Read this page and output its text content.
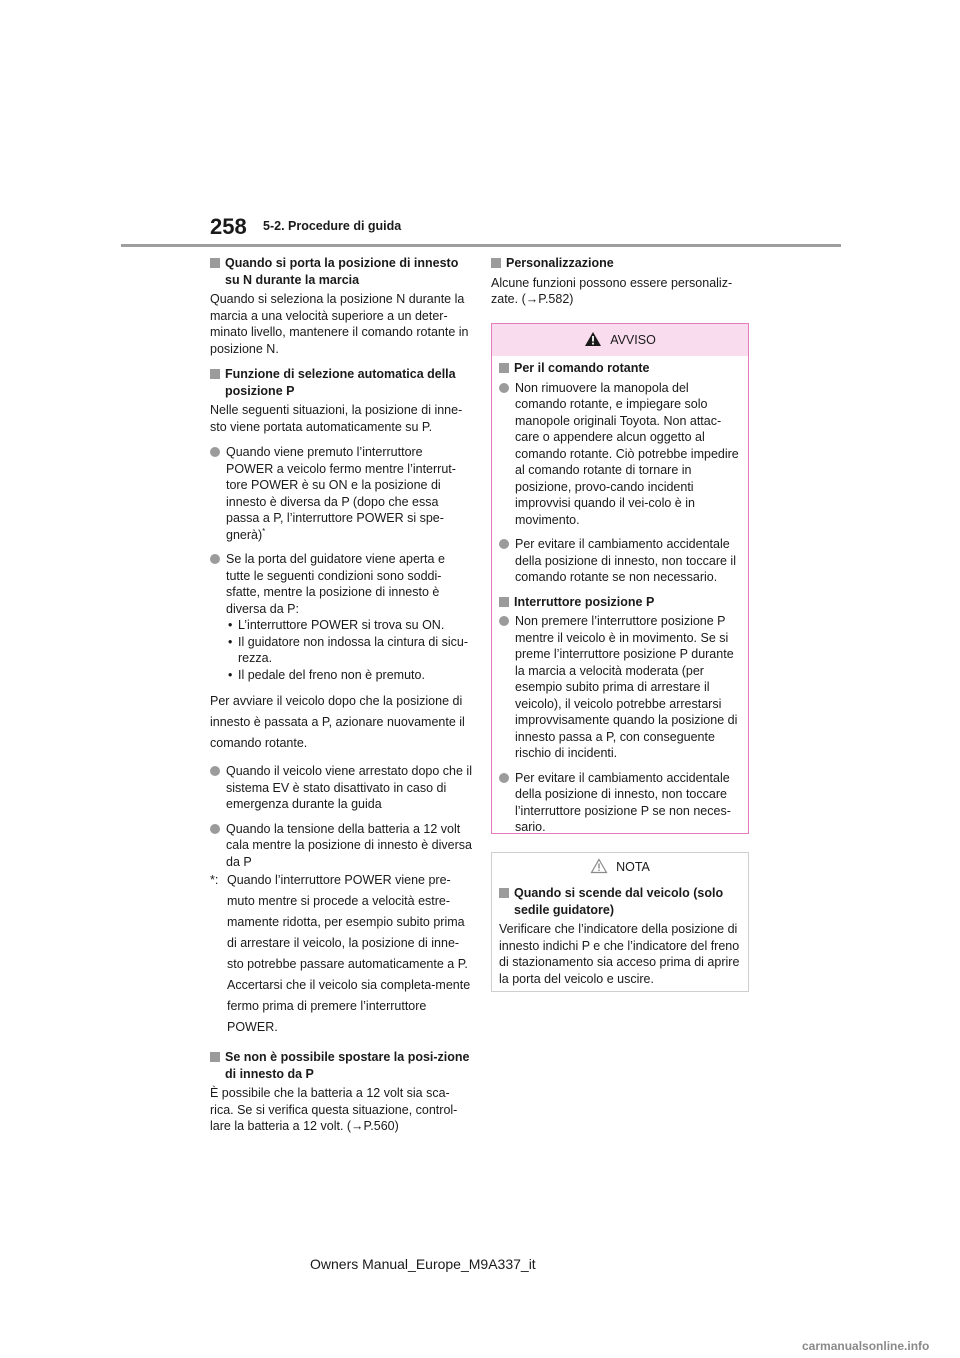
258 5-2. Procedure di guida
Quando si porta la posizione di innesto su N durante la marcia
Quando si seleziona la posizione N durante la marcia a una velocità superiore a un deter-minato livello, mantenere il comando rotante in posizione N.
Funzione di selezione automatica della posizione P
Nelle seguenti situazioni, la posizione di inne-sto viene portata automaticamente su P.
Quando viene premuto l’interruttore POWER a veicolo fermo mentre l’interrut-tore POWER è su ON e la posizione di innesto è diversa da P (dopo che essa passa a P, l’interruttore POWER si spe-gnerà)*
Se la porta del guidatore viene aperta e tutte le seguenti condizioni sono soddi-sfatte, mentre la posizione di innesto è diversa da P:
• L’interruttore POWER si trova su ON.
• Il guidatore non indossa la cintura di sicu-rezza.
• Il pedale del freno non è premuto.
Per avviare il veicolo dopo che la posizione di innesto è passata a P, azionare nuovamente il comando rotante.
Quando il veicolo viene arrestato dopo che il sistema EV è stato disattivato in caso di emergenza durante la guida
Quando la tensione della batteria a 12 volt cala mentre la posizione di innesto è diversa da P
*: Quando l’interruttore POWER viene pre-muto mentre si procede a velocità estre-mamente ridotta, per esempio subito prima di arrestare il veicolo, la posizione di inne-sto potrebbe passare automaticamente a P. Accertarsi che il veicolo sia completa-mente fermo prima di premere l’interruttore POWER.
Se non è possibile spostare la posi-zione di innesto da P
È possibile che la batteria a 12 volt sia sca-rica. Se si verifica questa situazione, control-lare la batteria a 12 volt. (→P.560)
Personalizzazione
Alcune funzioni possono essere personaliz-zate. (→P.582)
AVVISO
Per il comando rotante
Non rimuovere la manopola del comando rotante, e impiegare solo manopole originali Toyota. Non attac-care o appendere alcun oggetto al comando rotante. Ciò potrebbe impedire al comando rotante di tornare in posizione, provo-cando incidenti improvvisi quando il vei-colo è in movimento.
Per evitare il cambiamento accidentale della posizione di innesto, non toccare il comando rotante se non necessario.
Interruttore posizione P
Non premere l’interruttore posizione P mentre il veicolo è in movimento. Se si preme l’interruttore posizione P durante la marcia a velocità moderata (per esempio subito prima di arrestare il veicolo), il veicolo potrebbe arrestarsi improvvisamente quando la posizione di innesto passa a P, con conseguente rischio di incidenti.
Per evitare il cambiamento accidentale della posizione di innesto, non toccare l’interruttore posizione P se non neces-sario.
NOTA
Quando si scende dal veicolo (solo sedile guidatore)
Verificare che l’indicatore della posizione di innesto indichi P e che l’indicatore del freno di stazionamento sia acceso prima di aprire la porta del veicolo e uscire.
Owners Manual_Europe_M9A337_it
carmanualsonline.info
